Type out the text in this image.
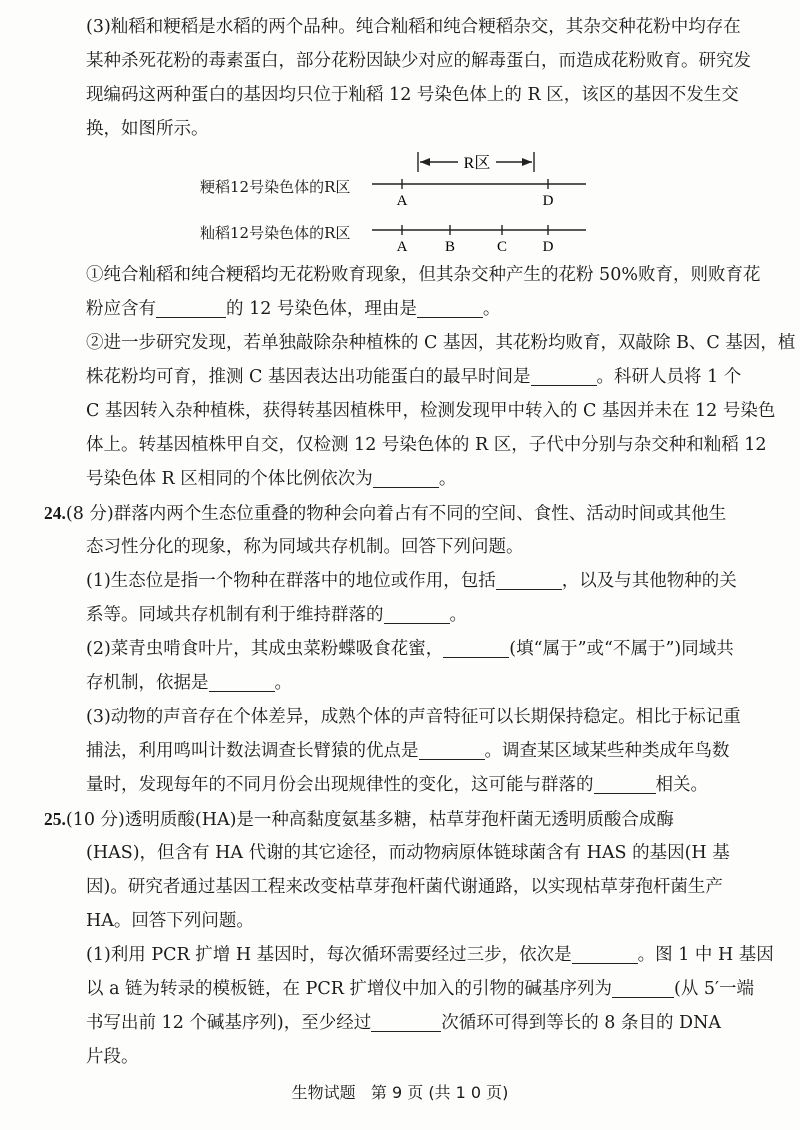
(3)籼稻和粳稻是水稻的两个品种。纯合籼稻和纯合粳稻杂交，其杂交种花粉中均存在

某种杀死花粉的毒素蛋白，部分花粉因缺少对应的解毒蛋白，而造成花粉败育。研究发

现编码这两种蛋白的基因均只位于籼稻 12 号染色体上的 R 区，该区的基因不发生交

换，如图所示。

粳稻12号染色体的R区
籼稻12号染色体的R区
R区
A	D
A	B	C D

①纯合籼稻和纯合粳稻均无花粉败育现象，但其杂交种产生的花粉 50%败育，则败育花

粉应含有	的 12 号染色体，理由是	。

②进一步研究发现，若单独敲除杂种植株的 C 基因，其花粉均败育，双敲除 B、C 基因，植

株花粉均可育，推测 C 基因表达出功能蛋白的最早时间是	。科研人员将 1 个

C 基因转入杂种植株，获得转基因植株甲，检测发现甲中转入的 C 基因并未在 12 号染色

体上。转基因植株甲自交，仅检测 12 号染色体的 R 区，子代中分别与杂交种和籼稻 12

号染色体 R 区相同的个体比例依次为	。

24.(8 分)群落内两个生态位重叠的物种会向着占有不同的空间、食性、活动时间或其他生

态习性分化的现象，称为同域共存机制。回答下列问题。

(1)生态位是指一个物种在群落中的地位或作用，包括	，以及与其他物种的关

系等。同域共存机制有利于维持群落的	。

(2)菜青虫啃食叶片，其成虫菜粉蝶吸食花蜜，	(填“属于”或“不属于”)同域共

存机制，依据是	。

(3)动物的声音存在个体差异，成熟个体的声音特征可以长期保持稳定。相比于标记重

捕法，利用鸣叫计数法调查长臂猿的优点是	。调查某区域某些种类成年鸟数

量时，发现每年的不同月份会出现规律性的变化，这可能与群落的	相关。

25.(10 分)透明质酸(HA)是一种高黏度氨基多糖，枯草芽孢杆菌无透明质酸合成酶

(HAS)，但含有 HA 代谢的其它途径，而动物病原体链球菌含有 HAS 的基因(H 基

因)。研究者通过基因工程来改变枯草芽孢杆菌代谢通路，以实现枯草芽孢杆菌生产

HA。回答下列问题。

(1)利用 PCR 扩增 H 基因时，每次循环需要经过三步，依次是	。图 1 中 H 基因

以 a 链为转录的模板链，在 PCR 扩增仪中加入的引物的碱基序列为	(从 5′一端

书写出前 12 个碱基序列)，至少经过	次循环可得到等长的 8 条目的 DNA

片段。

生物试题 第 9 页 (共 1 0 页)
